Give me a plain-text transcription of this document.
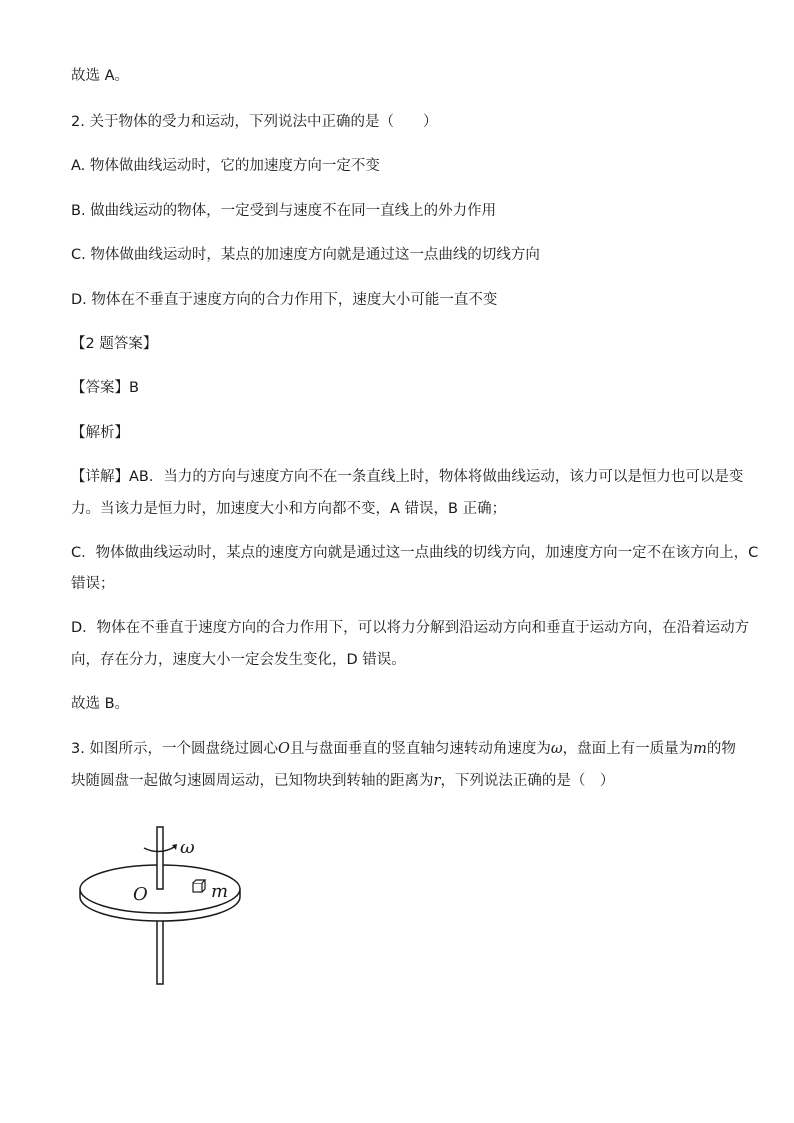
故选 A。
2. 关于物体的受力和运动，下列说法中正确的是（　　）
A. 物体做曲线运动时，它的加速度方向一定不变
B. 做曲线运动的物体，一定受到与速度不在同一直线上的外力作用
C. 物体做曲线运动时，某点的加速度方向就是通过这一点曲线的切线方向
D. 物体在不垂直于速度方向的合力作用下，速度大小可能一直不变
【2 题答案】
【答案】B
【解析】
【详解】AB．当力的方向与速度方向不在一条直线上时，物体将做曲线运动，该力可以是恒力也可以是变
力。当该力是恒力时，加速度大小和方向都不变，A 错误，B 正确；
C．物体做曲线运动时，某点的速度方向就是通过这一点曲线的切线方向，加速度方向一定不在该方向上，C
错误；
D．物体在不垂直于速度方向的合力作用下，可以将力分解到沿运动方向和垂直于运动方向，在沿着运动方
向，存在分力，速度大小一定会发生变化，D 错误。
故选 B。
3. 如图所示，一个圆盘绕过圆心O且与盘面垂直的竖直轴匀速转动角速度为ω，盘面上有一质量为m的物
块随圆盘一起做匀速圆周运动，已知物块到转轴的距离为r，下列说法正确的是（　）
ω
O	m
